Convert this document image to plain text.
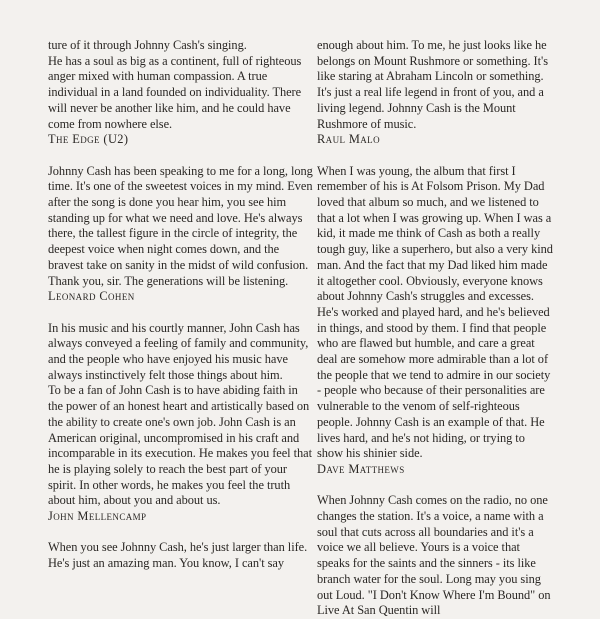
ture of it through Johnny Cash's singing.

He has a soul as big as a continent, full of righteous anger mixed with human compassion. A true individual in a land founded on individuality. There will never be another like him, and he could have come from nowhere else.

The Edge (U2)

Johnny Cash has been speaking to me for a long, long time. It's one of the sweetest voices in my mind. Even after the song is done you hear him, you see him standing up for what we need and love. He's always there, the tallest figure in the circle of integrity, the deepest voice when night comes down, and the bravest take on sanity in the midst of wild confusion. Thank you, sir. The generations will be listening.

Leonard Cohen

In his music and his courtly manner, John Cash has always conveyed a feeling of family and community, and the people who have enjoyed his music have always instinctively felt those things about him.

To be a fan of John Cash is to have abiding faith in the power of an honest heart and artistically based on the ability to create one's own job. John Cash is an American original, uncompromised in his craft and incomparable in its execution. He makes you feel that he is playing solely to reach the best part of your spirit. In other words, he makes you feel the truth about him, about you and about us.

John Mellencamp

When you see Johnny Cash, he's just larger than life. He's just an amazing man. You know, I can't say

enough about him. To me, he just looks like he belongs on Mount Rushmore or something. It's like staring at Abraham Lincoln or something. It's just a real life legend in front of you, and a living legend. Johnny Cash is the Mount Rushmore of music.

Raul Malo

When I was young, the album that first I remember of his is At Folsom Prison. My Dad loved that album so much, and we listened to that a lot when I was growing up. When I was a kid, it made me think of Cash as both a really tough guy, like a superhero, but also a very kind man. And the fact that my Dad liked him made it altogether cool. Obviously, everyone knows about Johnny Cash's struggles and excesses. He's worked and played hard, and he's believed in things, and stood by them. I find that people who are flawed but humble, and care a great deal are somehow more admirable than a lot of the people that we tend to admire in our society - people who because of their personalities are vulnerable to the venom of self-righteous people. Johnny Cash is an example of that. He lives hard, and he's not hiding, or trying to show his shinier side.

Dave Matthews

When Johnny Cash comes on the radio, no one changes the station. It's a voice, a name with a soul that cuts across all boundaries and it's a voice we all believe. Yours is a voice that speaks for the saints and the sinners - its like branch water for the soul. Long may you sing out Loud. "I Don't Know Where I'm Bound" on Live At San Quentin will
